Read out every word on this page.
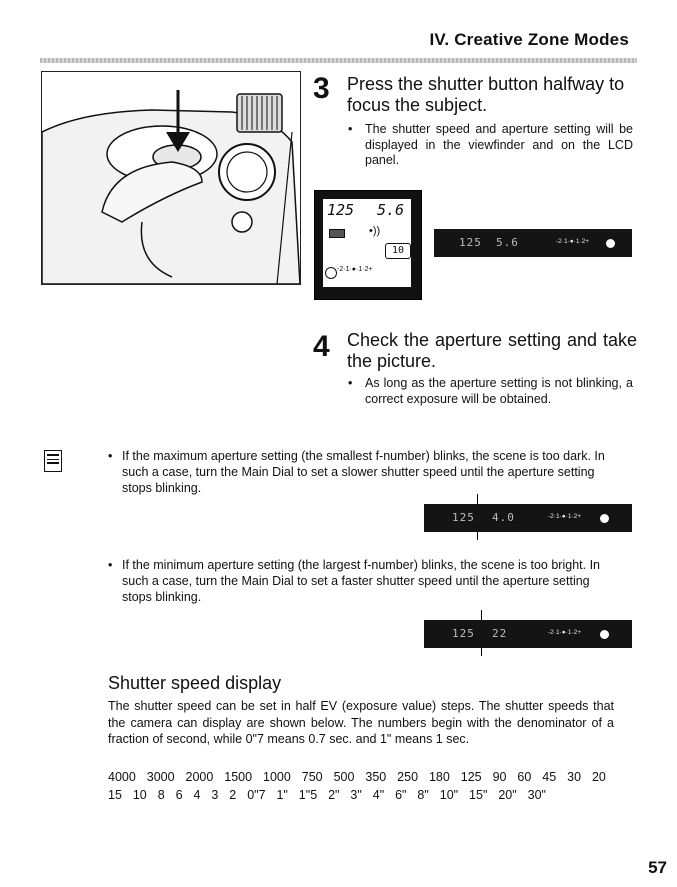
IV. Creative Zone Modes
3 Press the shutter button halfway to focus the subject.
• The shutter speed and aperture setting will be displayed in the viewfinder and on the LCD panel.
125 5.6
•))
10
-2·1·●·1·2+
125 5.6	-2·1·●·1·2+
4 Check the aperture setting and take the picture.
• As long as the aperture setting is not blinking, a correct exposure will be obtained.
• If the maximum aperture setting (the smallest f-number) blinks, the scene is too dark. In such a case, turn the Main Dial to set a slower shutter speed until the aperture setting stops blinking.
125 4.0	-2·1·●·1·2+
• If the minimum aperture setting (the largest f-number) blinks, the scene is too bright. In such a case, turn the Main Dial to set a faster shutter speed until the aperture setting stops blinking.
125 22	-2·1·●·1·2+
Shutter speed display
The shutter speed can be set in half EV (exposure value) steps. The shutter speeds that the camera can display are shown below. The numbers begin with the denominator of a fraction of second, while 0"7 means 0.7 sec. and 1" means 1 sec.
4000  3000  2000  1500  1000  750  500  350  250  180  125  90  60  45  30  20
15  10  8  6  4  3  2  0"7  1"  1"5  2"  3"  4"  6"  8"  10"  15"  20"  30"
57
